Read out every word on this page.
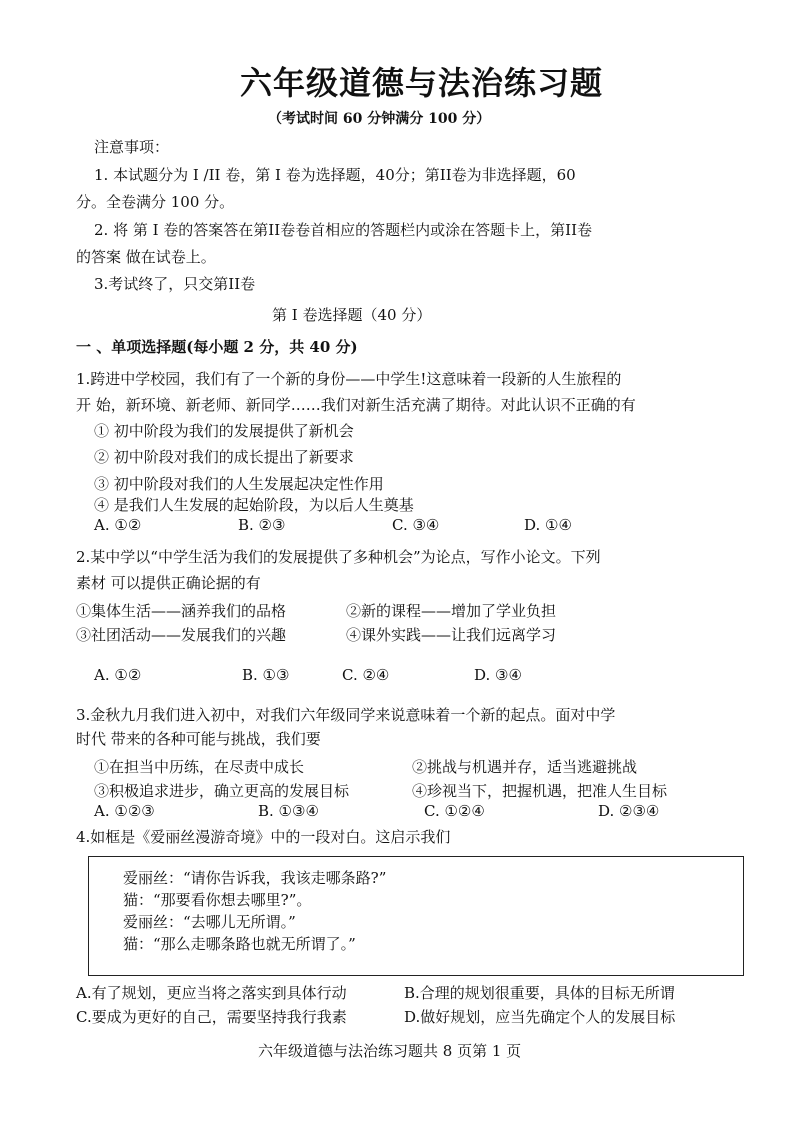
六年级道德与法治练习题
（考试时间 60 分钟满分 100 分）
注意事项：
1. 本试题分为 I /II 卷，第 I 卷为选择题，40分；第II卷为非选择题，60
分。全卷满分 100 分。
2. 将 第 I 卷的答案答在第II卷卷首相应的答题栏内或涂在答题卡上，第II卷
的答案 做在试卷上。
3.考试终了，只交第II卷
第 I 卷选择题（40 分）
一 、单项选择题(每小题 2 分，共 40 分)
1.跨进中学校园，我们有了一个新的身份——中学生!这意味着一段新的人生旅程的
开 始，新环境、新老师、新同学……我们对新生活充满了期待。对此认识不正确的有
① 初中阶段为我们的发展提供了新机会
② 初中阶段对我们的成长提出了新要求
③ 初中阶段对我们的人生发展起决定性作用
④ 是我们人生发展的起始阶段，为以后人生奠基
A. ①②	B. ②③	C. ③④	D. ①④
2.某中学以“中学生活为我们的发展提供了多种机会”为论点，写作小论文。下列
素材 可以提供正确论据的有
①集体生活——涵养我们的品格	②新的课程——增加了学业负担
③社团活动——发展我们的兴趣	④课外实践——让我们远离学习
A. ①②	B. ①③	C. ②④	D. ③④
3.金秋九月我们进入初中，对我们六年级同学来说意味着一个新的起点。面对中学
时代 带来的各种可能与挑战，我们要
①在担当中历练，在尽责中成长	②挑战与机遇并存，适当逃避挑战
③积极追求进步，确立更高的发展目标	④珍视当下，把握机遇，把准人生目标
A. ①②③	B. ①③④	C. ①②④	D. ②③④
4.如框是《爱丽丝漫游奇境》中的一段对白。这启示我们
爱丽丝：“请你告诉我，我该走哪条路?”
猫：“那要看你想去哪里?”。
爱丽丝：“去哪儿无所谓。”
猫：“那么走哪条路也就无所谓了。”
A.有了规划，更应当将之落实到具体行动	B.合理的规划很重要，具体的目标无所谓
C.要成为更好的自己，需要坚持我行我素	D.做好规划，应当先确定个人的发展目标
六年级道德与法治练习题共 8 页第 1 页
